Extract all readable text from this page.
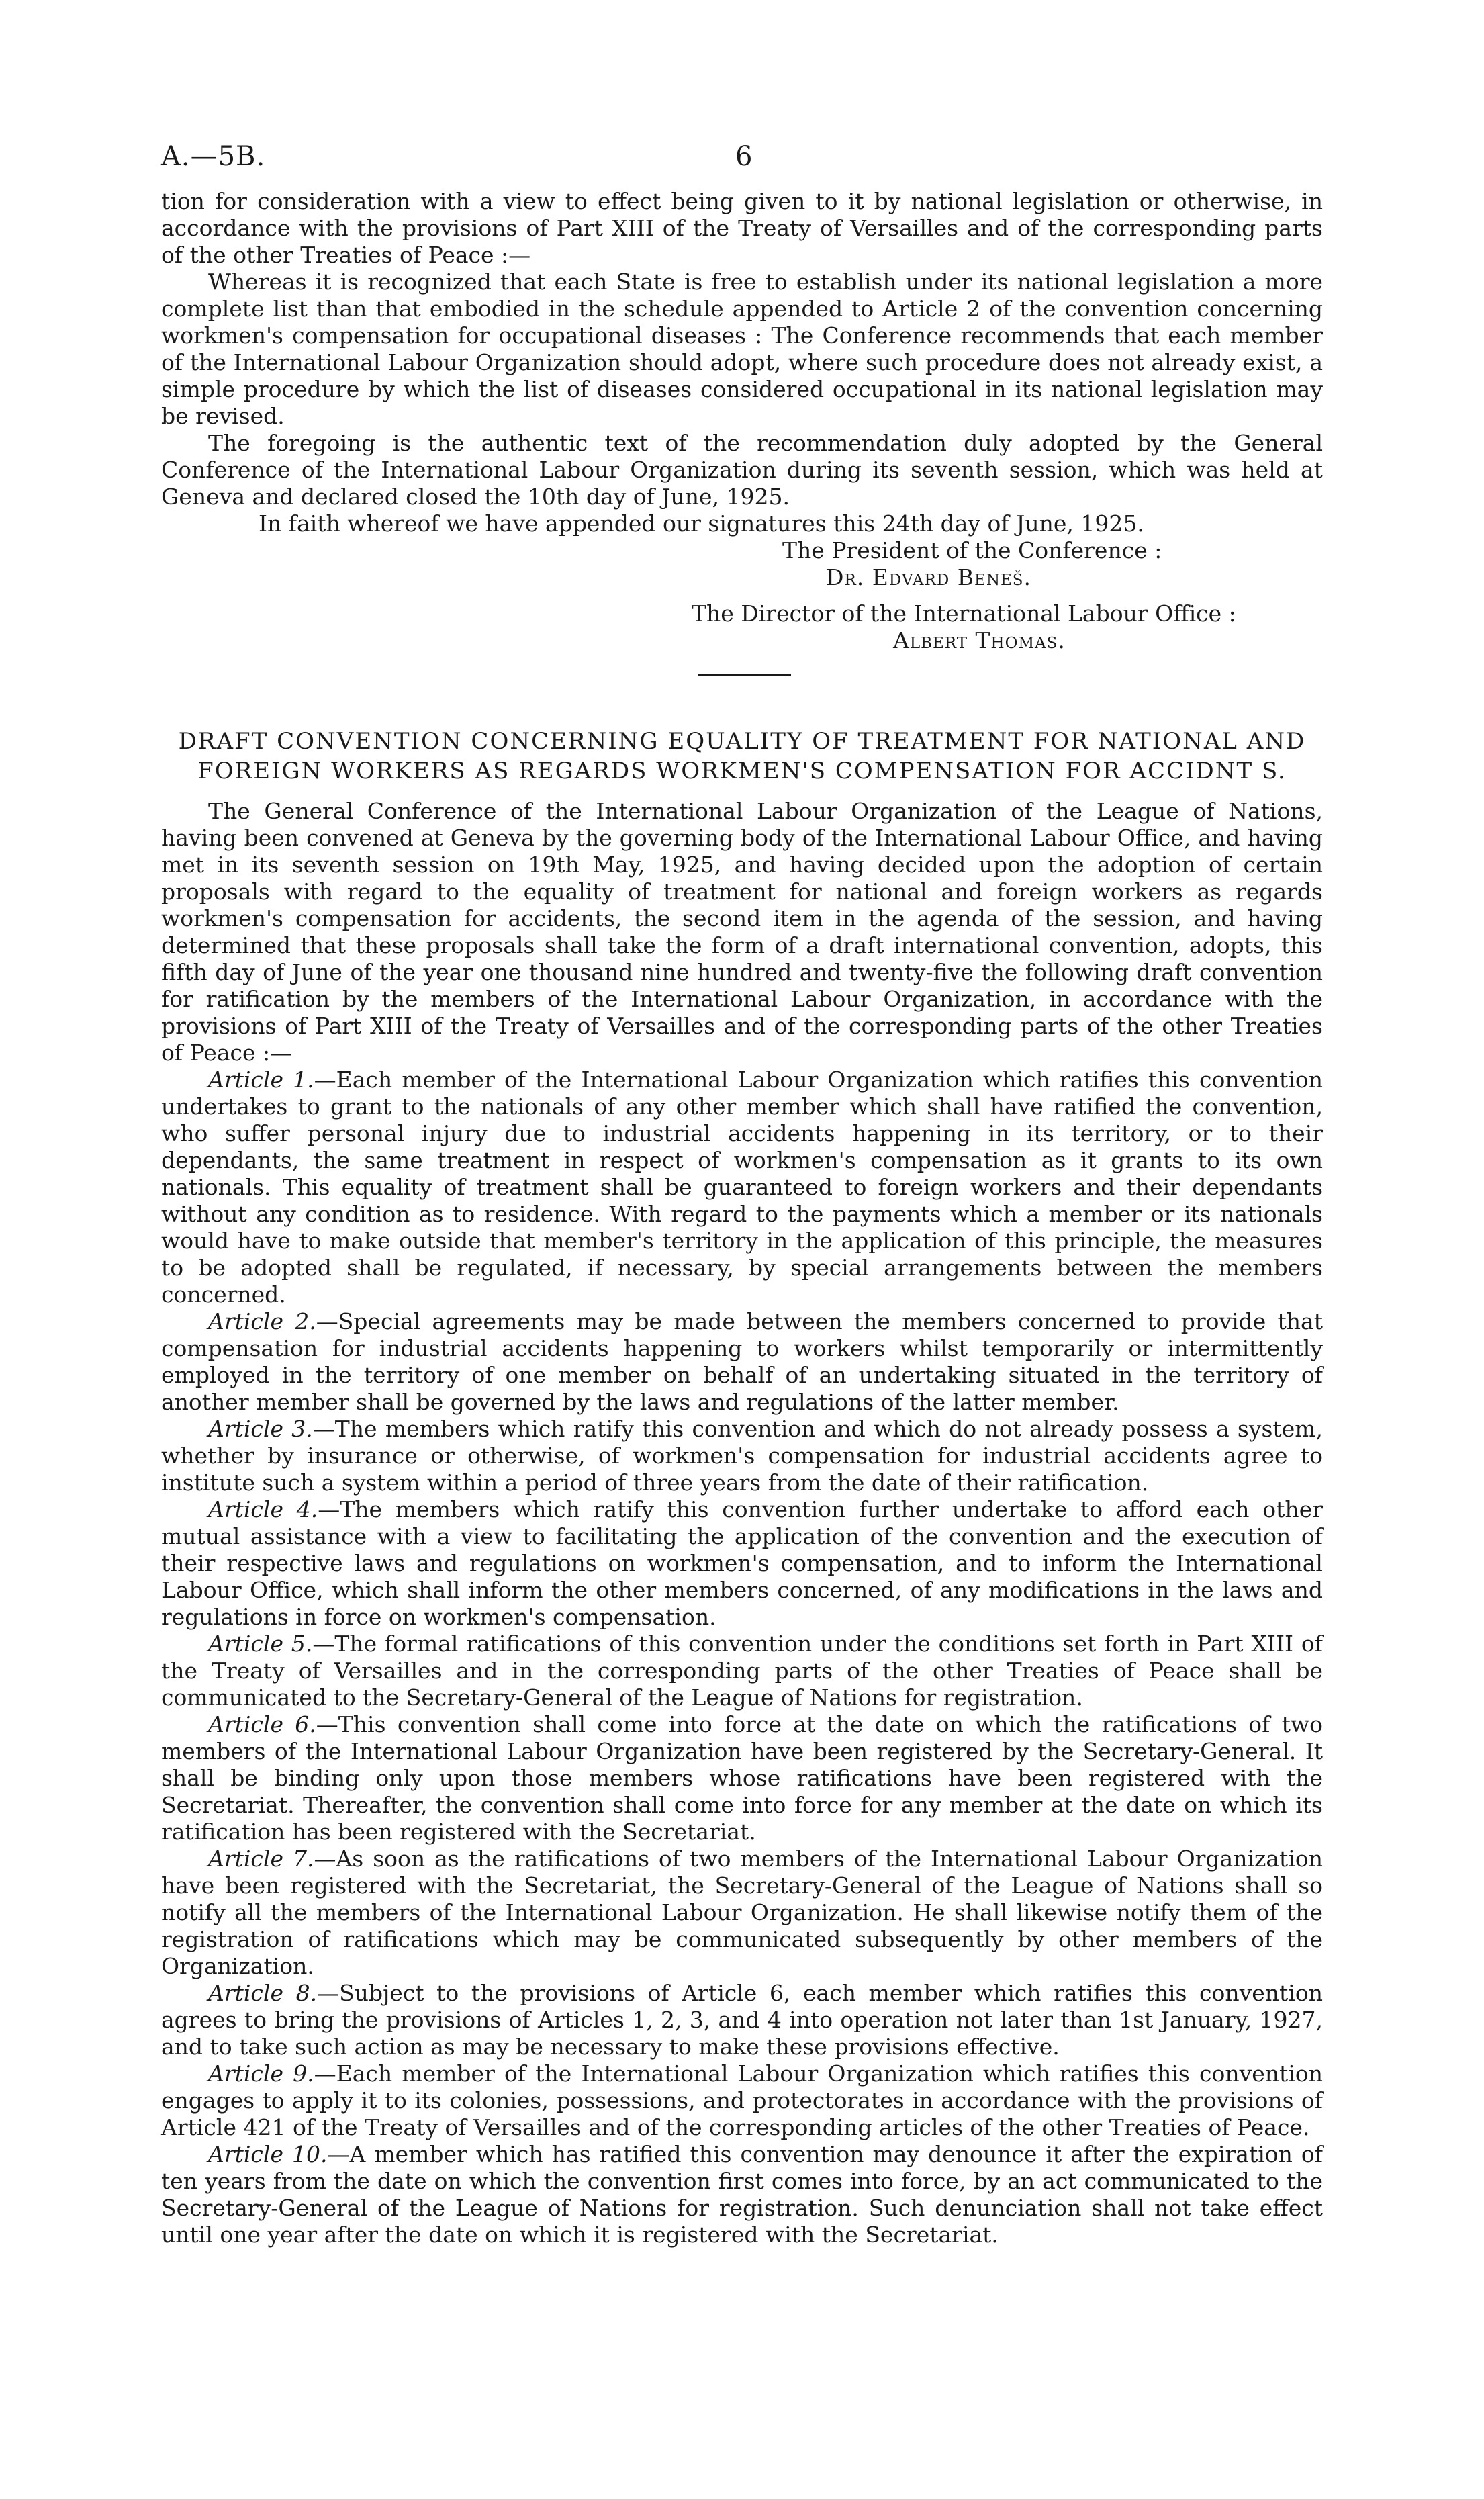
A.—5B.	6

tion for consideration with a view to effect being given to it by national legislation or otherwise, in accordance with the provisions of Part XIII of the Treaty of Versailles and of the corresponding parts of the other Treaties of Peace :—

Whereas it is recognized that each State is free to establish under its national legislation a more complete list than that embodied in the schedule appended to Article 2 of the convention concerning workmen's compensation for occupational diseases : The Conference recommends that each member of the International Labour Organization should adopt, where such procedure does not already exist, a simple procedure by which the list of diseases considered occupational in its national legislation may be revised.

The foregoing is the authentic text of the recommendation duly adopted by the General Conference of the International Labour Organization during its seventh session, which was held at Geneva and declared closed the 10th day of June, 1925.

In faith whereof we have appended our signatures this 24th day of June, 1925.

The President of the Conference :
Dr. Edvard Beneš.
The Director of the International Labour Office :
Albert Thomas.
DRAFT CONVENTION CONCERNING EQUALITY OF TREATMENT FOR NATIONAL AND FOREIGN WORKERS AS REGARDS WORKMEN'S COMPENSATION FOR ACCIDNT S.

The General Conference of the International Labour Organization of the League of Nations, having been convened at Geneva by the governing body of the International Labour Office, and having met in its seventh session on 19th May, 1925, and having decided upon the adoption of certain proposals with regard to the equality of treatment for national and foreign workers as regards workmen's compensation for accidents, the second item in the agenda of the session, and having determined that these proposals shall take the form of a draft international convention, adopts, this fifth day of June of the year one thousand nine hundred and twenty-five the following draft convention for ratification by the members of the International Labour Organization, in accordance with the provisions of Part XIII of the Treaty of Versailles and of the corresponding parts of the other Treaties of Peace :—

Article 1.—Each member of the International Labour Organization which ratifies this convention undertakes to grant to the nationals of any other member which shall have ratified the convention, who suffer personal injury due to industrial accidents happening in its territory, or to their dependants, the same treatment in respect of workmen's compensation as it grants to its own nationals. This equality of treatment shall be guaranteed to foreign workers and their dependants without any condition as to residence. With regard to the payments which a member or its nationals would have to make outside that member's territory in the application of this principle, the measures to be adopted shall be regulated, if necessary, by special arrangements between the members concerned.

Article 2.—Special agreements may be made between the members concerned to provide that compensation for industrial accidents happening to workers whilst temporarily or intermittently employed in the territory of one member on behalf of an undertaking situated in the territory of another member shall be governed by the laws and regulations of the latter member.

Article 3.—The members which ratify this convention and which do not already possess a system, whether by insurance or otherwise, of workmen's compensation for industrial accidents agree to institute such a system within a period of three years from the date of their ratification.

Article 4.—The members which ratify this convention further undertake to afford each other mutual assistance with a view to facilitating the application of the convention and the execution of their respective laws and regulations on workmen's compensation, and to inform the International Labour Office, which shall inform the other members concerned, of any modifications in the laws and regulations in force on workmen's compensation.

Article 5.—The formal ratifications of this convention under the conditions set forth in Part XIII of the Treaty of Versailles and in the corresponding parts of the other Treaties of Peace shall be communicated to the Secretary-General of the League of Nations for registration.

Article 6.—This convention shall come into force at the date on which the ratifications of two members of the International Labour Organization have been registered by the Secretary-General. It shall be binding only upon those members whose ratifications have been registered with the Secretariat. Thereafter, the convention shall come into force for any member at the date on which its ratification has been registered with the Secretariat.

Article 7.—As soon as the ratifications of two members of the International Labour Organization have been registered with the Secretariat, the Secretary-General of the League of Nations shall so notify all the members of the International Labour Organization. He shall likewise notify them of the registration of ratifications which may be communicated subsequently by other members of the Organization.

Article 8.—Subject to the provisions of Article 6, each member which ratifies this convention agrees to bring the provisions of Articles 1, 2, 3, and 4 into operation not later than 1st January, 1927, and to take such action as may be necessary to make these provisions effective.

Article 9.—Each member of the International Labour Organization which ratifies this convention engages to apply it to its colonies, possessions, and protectorates in accordance with the provisions of Article 421 of the Treaty of Versailles and of the corresponding articles of the other Treaties of Peace.

Article 10.—A member which has ratified this convention may denounce it after the expiration of ten years from the date on which the convention first comes into force, by an act communicated to the Secretary-General of the League of Nations for registration. Such denunciation shall not take effect until one year after the date on which it is registered with the Secretariat.
